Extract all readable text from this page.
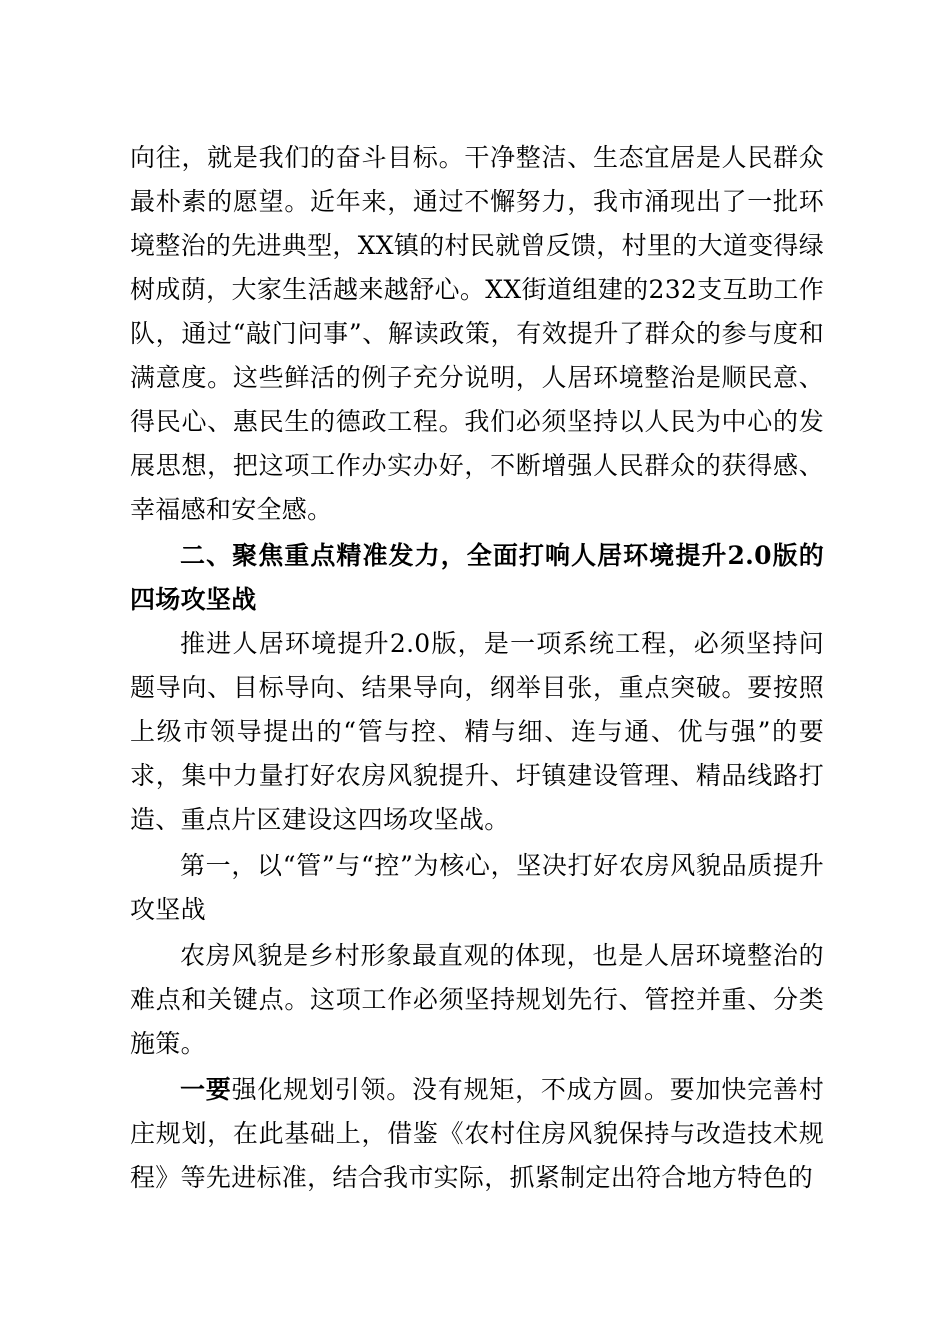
向往，就是我们的奋斗目标。干净整洁、生态宜居是人民群众最朴素的愿望。近年来，通过不懈努力，我市涌现出了一批环境整治的先进典型，XX镇的村民就曾反馈，村里的大道变得绿树成荫，大家生活越来越舒心。XX街道组建的232支互助工作队，通过“敲门问事”、解读政策，有效提升了群众的参与度和满意度。这些鲜活的例子充分说明，人居环境整治是顺民意、得民心、惠民生的德政工程。我们必须坚持以人民为中心的发展思想，把这项工作办实办好，不断增强人民群众的获得感、幸福感和安全感。

二、聚焦重点精准发力，全面打响人居环境提升2.0版的四场攻坚战

推进人居环境提升2.0版，是一项系统工程，必须坚持问题导向、目标导向、结果导向，纲举目张，重点突破。要按照上级市领导提出的“管与控、精与细、连与通、优与强”的要求，集中力量打好农房风貌提升、圩镇建设管理、精品线路打造、重点片区建设这四场攻坚战。

第一，以“管”与“控”为核心，坚决打好农房风貌品质提升攻坚战

农房风貌是乡村形象最直观的体现，也是人居环境整治的难点和关键点。这项工作必须坚持规划先行、管控并重、分类施策。

一要强化规划引领。没有规矩，不成方圆。要加快完善村庄规划，在此基础上，借鉴《农村住房风貌保持与改造技术规程》等先进标准，结合我市实际，抓紧制定出符合地方特色的
